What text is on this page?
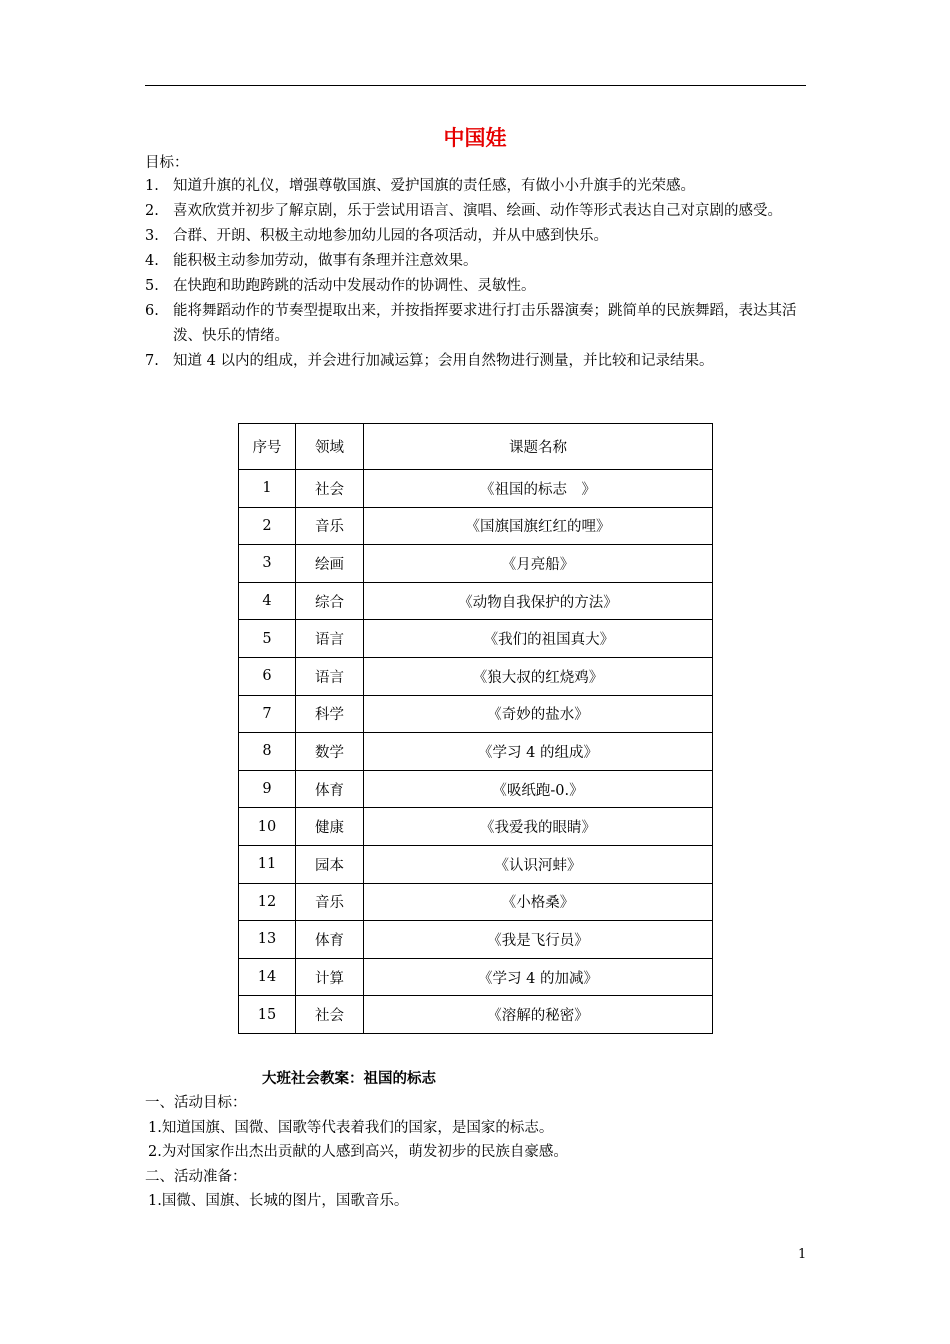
中国娃
目标：
1. 知道升旗的礼仪，增强尊敬国旗、爱护国旗的责任感，有做小小升旗手的光荣感。
2. 喜欢欣赏并初步了解京剧，乐于尝试用语言、演唱、绘画、动作等形式表达自己对京剧的感受。
3. 合群、开朗、积极主动地参加幼儿园的各项活动，并从中感到快乐。
4. 能积极主动参加劳动，做事有条理并注意效果。
5. 在快跑和助跑跨跳的活动中发展动作的协调性、灵敏性。
6. 能将舞蹈动作的节奏型提取出来，并按指挥要求进行打击乐器演奏；跳简单的民族舞蹈，表达其活泼、快乐的情绪。
7. 知道 4 以内的组成，并会进行加减运算；会用自然物进行测量，并比较和记录结果。
序号	领域	课题名称
1	社会	《祖国的标志　》
2	音乐	《国旗国旗红红的哩》
3	绘画	《月亮船》
4	综合	《动物自我保护的方法》
5	语言	　　《我们的祖国真大》
6	语言	《狼大叔的红烧鸡》
7	科学	《奇妙的盐水》
8	数学	《学习 4 的组成》
9	体育	《吸纸跑-0.》
10	健康	《我爱我的眼睛》
11	园本	《认识河蚌》
12	音乐	《小格桑》
13	体育	《我是飞行员》
14	计算	《学习 4 的加减》
15	社会	《溶解的秘密》
大班社会教案：祖国的标志
一、活动目标：
1.知道国旗、国微、国歌等代表着我们的国家，是国家的标志。
2.为对国家作出杰出贡献的人感到高兴，萌发初步的民族自豪感。
二、活动准备：
1.国微、国旗、长城的图片，国歌音乐。
1
